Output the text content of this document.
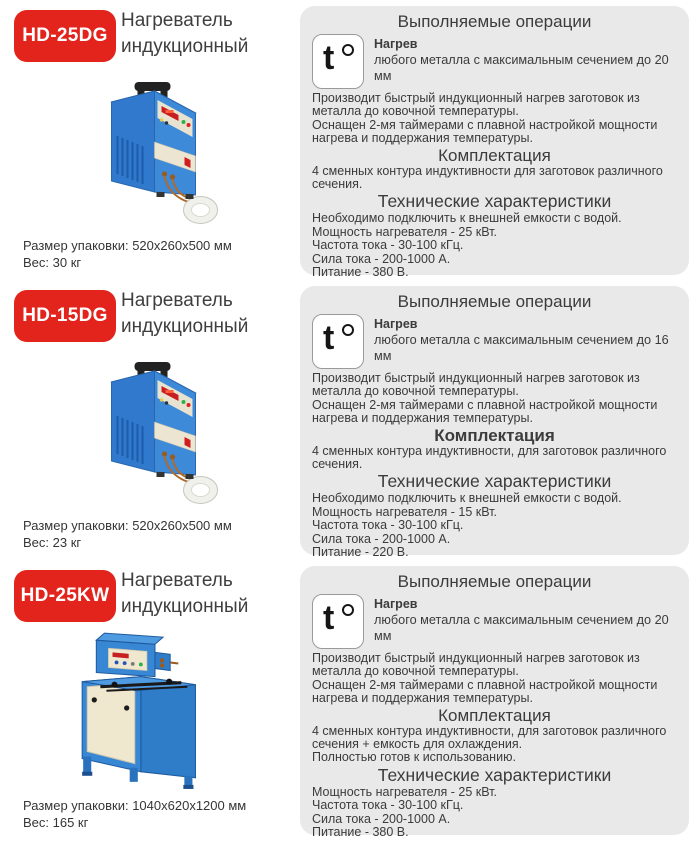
HD-25DG
Нагреватель индукционный
Размер упаковки: 520х260х500 мм
Вес: 30 кг
Выполняемые операции
t	Нагрев
любого металла с максимальным сечением до 20 мм
Производит быстрый индукционный нагрев заготовок из металла до ковочной температуры.
Оснащен 2-мя таймерами с плавной настройкой мощности нагрева и поддержания температуры.
Комплектация
4 сменных контура индуктивности для заготовок различного сечения.
Технические характеристики
Необходимо подключить к внешней емкости с водой.
Мощность нагревателя - 25 кВт.
Частота тока - 30-100 кГц.
Сила тока - 200-1000 А.
Питание - 380 В.
HD-15DG
Нагреватель индукционный
Размер упаковки: 520х260х500 мм
Вес: 23 кг
Выполняемые операции
t	Нагрев
любого металла с максимальным сечением до 16 мм
Производит быстрый индукционный нагрев заготовок из металла до ковочной температуры.
Оснащен 2-мя таймерами с плавной настройкой мощности нагрева и поддержания температуры.
Комплектация
4 сменных контура индуктивности, для заготовок различного сечения.
Технические характеристики
Необходимо подключить к внешней емкости с водой.
Мощность нагревателя - 15 кВт.
Частота тока - 30-100 кГц.
Сила тока - 200-1000 А.
Питание - 220 В.
HD-25KW
Нагреватель индукционный
Размер упаковки: 1040х620х1200 мм
Вес: 165 кг
Выполняемые операции
t	Нагрев
любого металла с максимальным сечением до 20 мм
Производит быстрый индукционный нагрев заготовок из металла до ковочной температуры.
Оснащен 2-мя таймерами с плавной настройкой мощности нагрева и поддержания температуры.
Комплектация
4 сменных контура индуктивности, для заготовок различного сечения + емкость для охлаждения.
Полностью готов к использованию.
Технические характеристики
Мощность нагревателя - 25 кВт.
Частота тока - 30-100 кГц.
Сила тока - 200-1000 А.
Питание - 380 В.
